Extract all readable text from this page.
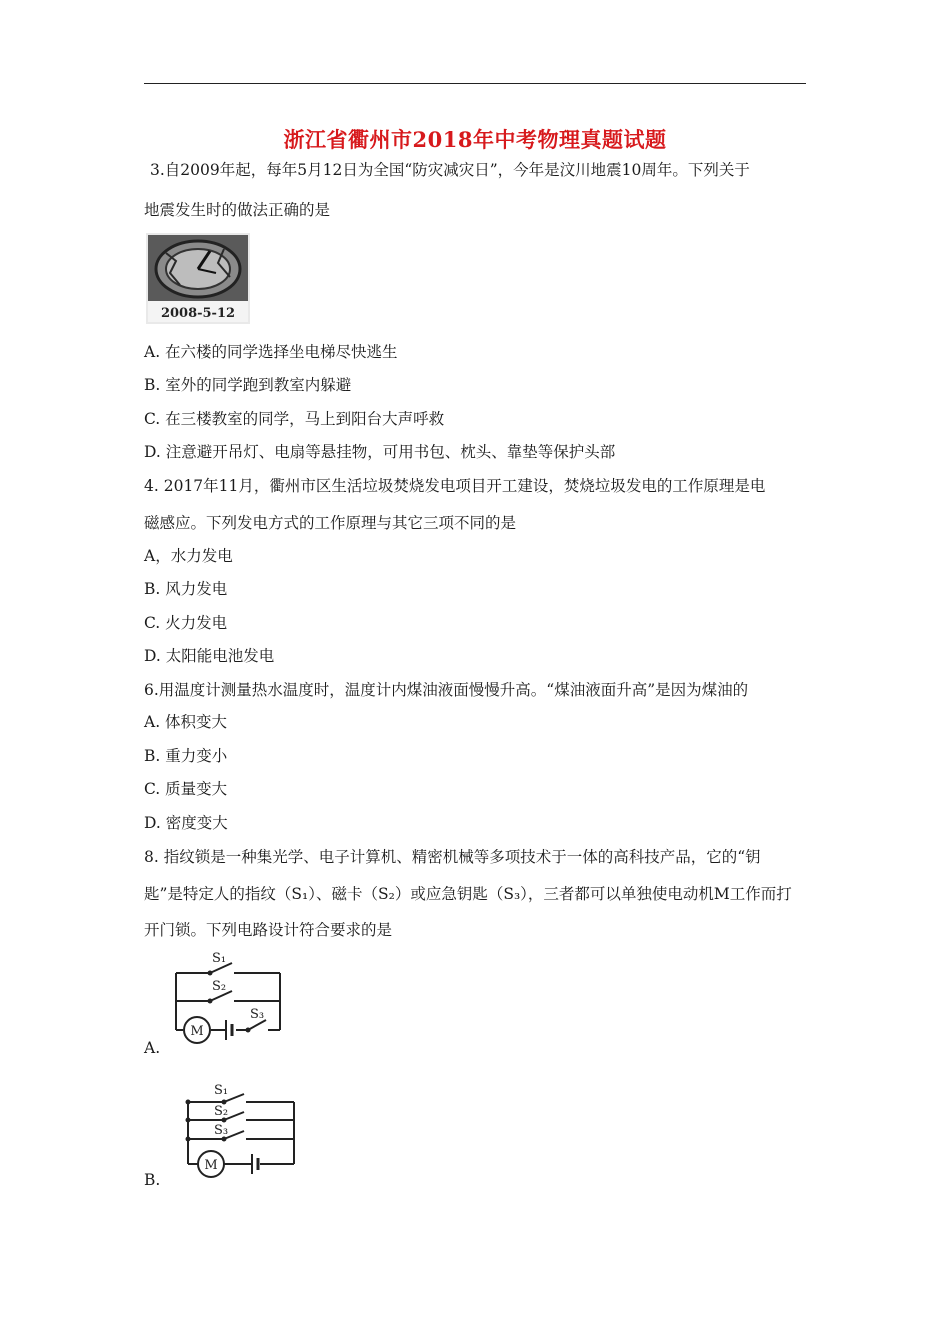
浙江省衢州市2018年中考物理真题试题
3.自2009年起，每年5月12日为全国“防灾减灾日”，今年是汶川地震10周年。下列关于
地震发生时的做法正确的是
2008-5-12
A. 在六楼的同学选择坐电梯尽快逃生
B. 室外的同学跑到教室内躲避
C. 在三楼教室的同学，马上到阳台大声呼救
D. 注意避开吊灯、电扇等悬挂物，可用书包、枕头、靠垫等保护头部
4. 2017年11月，衢州市区生活垃圾焚烧发电项目开工建设，焚烧垃圾发电的工作原理是电
磁感应。下列发电方式的工作原理与其它三项不同的是
A，水力发电
B. 风力发电
C. 火力发电
D. 太阳能电池发电
6.用温度计测量热水温度时，温度计内煤油液面慢慢升高。“煤油液面升高”是因为煤油的
A. 体积变大
B. 重力变小
C. 质量变大
D. 密度变大
8. 指纹锁是一种集光学、电子计算机、精密机械等多项技术于一体的高科技产品，它的“钥
匙”是特定人的指纹（S₁）、磁卡（S₂）或应急钥匙（S₃），三者都可以单独使电动机M工作而打
开门锁。下列电路设计符合要求的是
S₁
S₂
S₃
M
A.
S₁
S₂
S₃
M
B.
